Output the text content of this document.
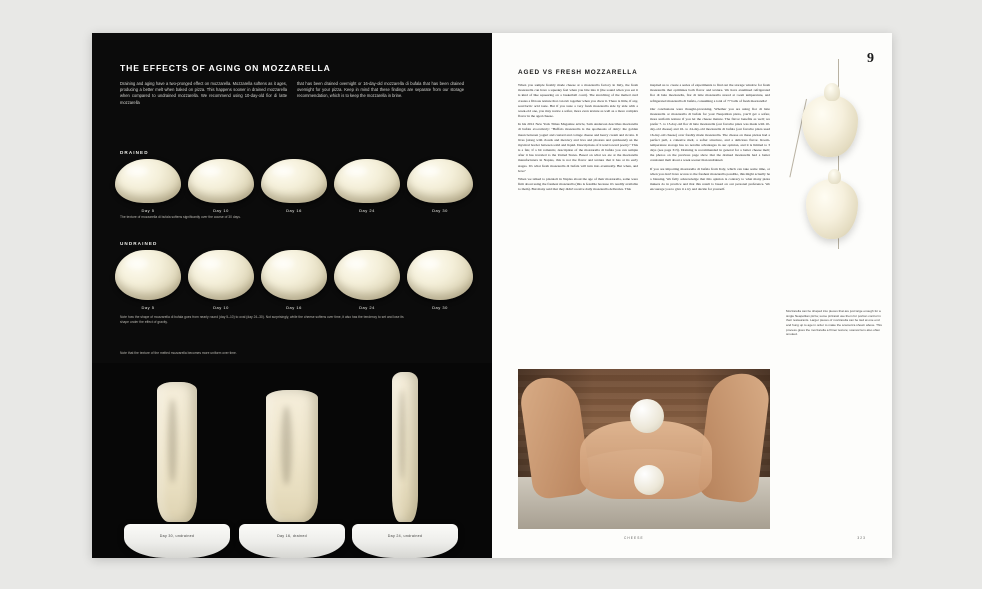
THE EFFECTS OF AGING ON MOZZARELLA

Draining and aging have a two-pronged effect on mozzarella. Mozzarella softens as it ages, producing a better melt when baked on pizza. This happens sooner in drained mozzarella when compared to undrained mozzarella. We recommend using 10-day-old fior di latte mozzarella

that has been drained overnight or 16-day-old mozzarella di bufala that has been drained overnight for your pizza. Keep in mind that these findings are separate from our storage recommendation, which is to keep the mozzarella in brine.

DRAINED
Day 5	Day 10	Day 16	Day 24	Day 30
The texture of mozzarella di bufala softens significantly over the course of 30 days.
UNDRAINED
Day 5	Day 10	Day 16	Day 24	Day 30
Note how the shape of mozzarella di bufala goes from nearly round (day 5–10) to oval (day 24–30). Not surprisingly, while the cheese softens over time, it also has the tendency to set and lose its shape under the effect of gravity.
Note that the texture of the melted mozzarella becomes more uniform over time.
Day 30, undrained	Day 16, drained	Day 24, undrained
9
AGED VS FRESH MOZZARELLA

When you sample freshly made cheese at a mozzarella factory in Italy, the fresh mozzarella can have a squeaky feel when you bite into it (the sound when you eat it is kind of like squeezing on a basketball court). The stretching of the melted curd creates a fibrous texture that can rub together when you chew it. There is little, if any, sour/lactic acid taste. But if you taste a very fresh mozzarella side by side with a week-old one, you may notice a softer, more even texture as well as a more complex flavor in the aged cheese.

In his 2012 New York Times Magazine article, Sam Anderson describes mozzarella di bufala evocatively: "Buffalo mozzarella is the apotheosis of dairy: the golden mean between yogurt and custard and cottage cheese and heavy cream and ricotta. It lives (along with clouds and mercury and lava and photons and quicksand) on the mystical border between solid and liquid. Descriptions of it tend toward poetry." This is a fair, if a bit romantic, description of the mozzarella di bufala you can sample after it has traveled to the United States. Based on what we ate at the mozzarella manufacturers in Naples, this is not the flavor and texture that it has at its early stages. It's what fresh mozzarella di bufala will turn into eventually. But when, and how?

When we talked to pizzaioli in Naples about the age of their mozzarella, some were firm about using the freshest mozzarella (this is feasible because it's readily available to them). But many said that they didn't receive daily mozzarella deliveries. This

inspired us to create a series of experiments to find out the storage window for fresh mozzarella that optimizes both flavor and texture. We have examined refrigerated fior di latte mozzarella, fior di latte mozzarella stored at room temperature, and refrigerated mozzarella di bufala, consuming a total of 77 balls of fresh mozzarella!

Our conclusions were thought-provoking. Whether you are using fior di latte mozzarella or mozzarella di bufala for your Neapolitan pizza, you'll get a softer, more uniform texture if you let the cheese mature. The flavor benefits as well; we prefer 7- to 13-day-old fior di latte mozzarella (our favorite pizza was made with 10-day-old cheese) and 16- to 24-day-old mozzarella di bufala (our favorite pizza used 16-day-old cheese) over freshly made mozzarella. The cheese on these pizzas had a perfect pull, a cohesive melt, a softer structure, and a delicious flavor. Room-temperature storage has no notable advantages in our opinion, and it is limited to 3 days (see page 313). Draining is recommended in general for a better cheese melt; the photos on the previous page show that the drained mozzarella had a better consistent melt about a week sooner than undrained.

If you are importing mozzarella di bufala from Italy, which can take some time, or when you don't have access to the freshest mozzarella possible, this might actually be a blessing. We fully acknowledge that this opinion is contrary to what many pizza makers do in practice and that this result is based on our personal preference. We encourage you to give it a try and decide for yourself.

Mozzarella can be shaped into pieces that are just large enough for a single Neapolitan pizza; some pizzaioli use them for portion control in their restaurants. Larger pieces of mozzarella can be tied at one end and hung up to age in order to make the scamorza shown above. This process gives the mozzarella a firmer texture; scamorza is also often smoked.
CHEESE	323
